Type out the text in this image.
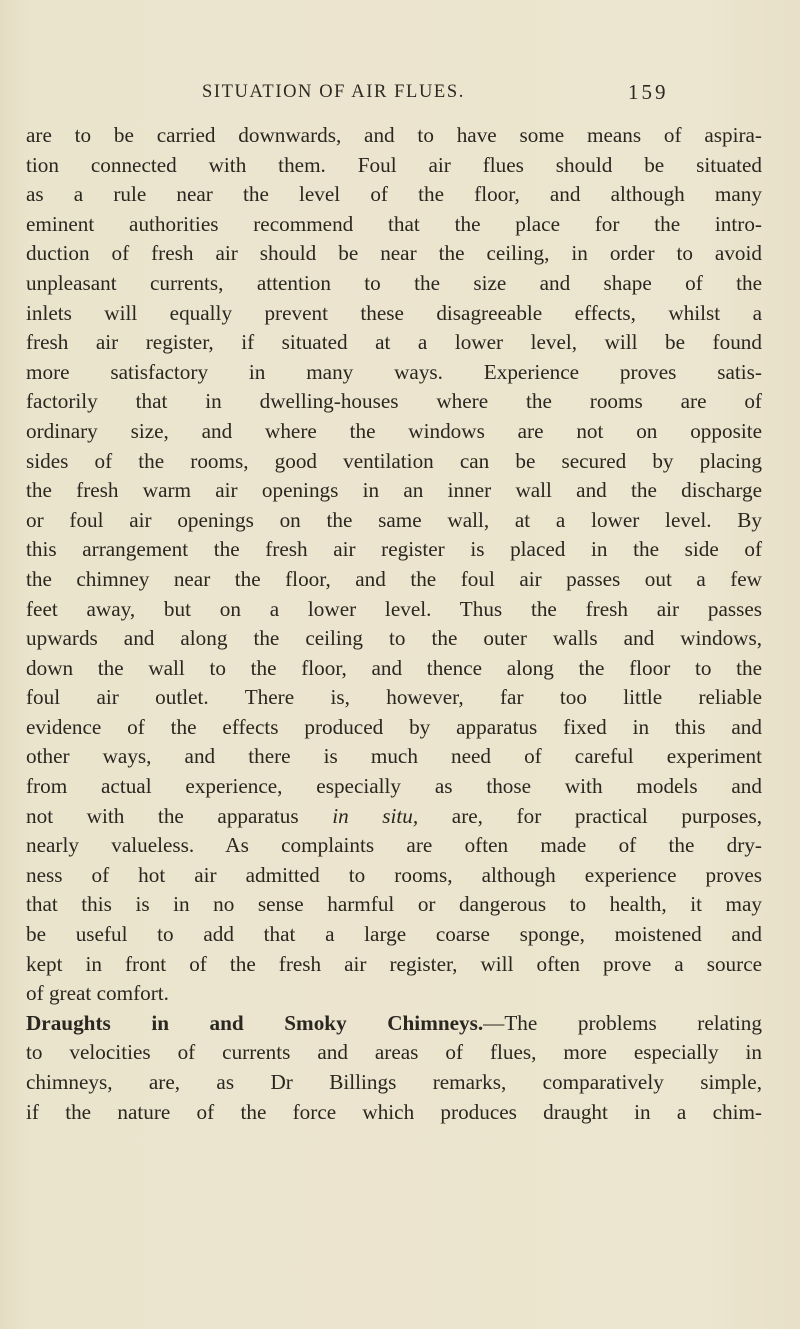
SITUATION OF AIR FLUES.	159
are to be carried downwards, and to have some means of aspira-
tion connected with them. Foul air flues should be situated
as a rule near the level of the floor, and although many
eminent authorities recommend that the place for the intro-
duction of fresh air should be near the ceiling, in order to avoid
unpleasant currents, attention to the size and shape of the
inlets will equally prevent these disagreeable effects, whilst a
fresh air register, if situated at a lower level, will be found
more satisfactory in many ways. Experience proves satis-
factorily that in dwelling-houses where the rooms are of
ordinary size, and where the windows are not on opposite
sides of the rooms, good ventilation can be secured by placing
the fresh warm air openings in an inner wall and the discharge
or foul air openings on the same wall, at a lower level. By
this arrangement the fresh air register is placed in the side of
the chimney near the floor, and the foul air passes out a few
feet away, but on a lower level. Thus the fresh air passes
upwards and along the ceiling to the outer walls and windows,
down the wall to the floor, and thence along the floor to the
foul air outlet. There is, however, far too little reliable
evidence of the effects produced by apparatus fixed in this and
other ways, and there is much need of careful experiment
from actual experience, especially as those with models and
not with the apparatus in situ, are, for practical purposes,
nearly valueless. As complaints are often made of the dry-
ness of hot air admitted to rooms, although experience proves
that this is in no sense harmful or dangerous to health, it may
be useful to add that a large coarse sponge, moistened and
kept in front of the fresh air register, will often prove a source
of great comfort.
Draughts in and Smoky Chimneys.—The problems relating
to velocities of currents and areas of flues, more especially in
chimneys, are, as Dr Billings remarks, comparatively simple,
if the nature of the force which produces draught in a chim-
